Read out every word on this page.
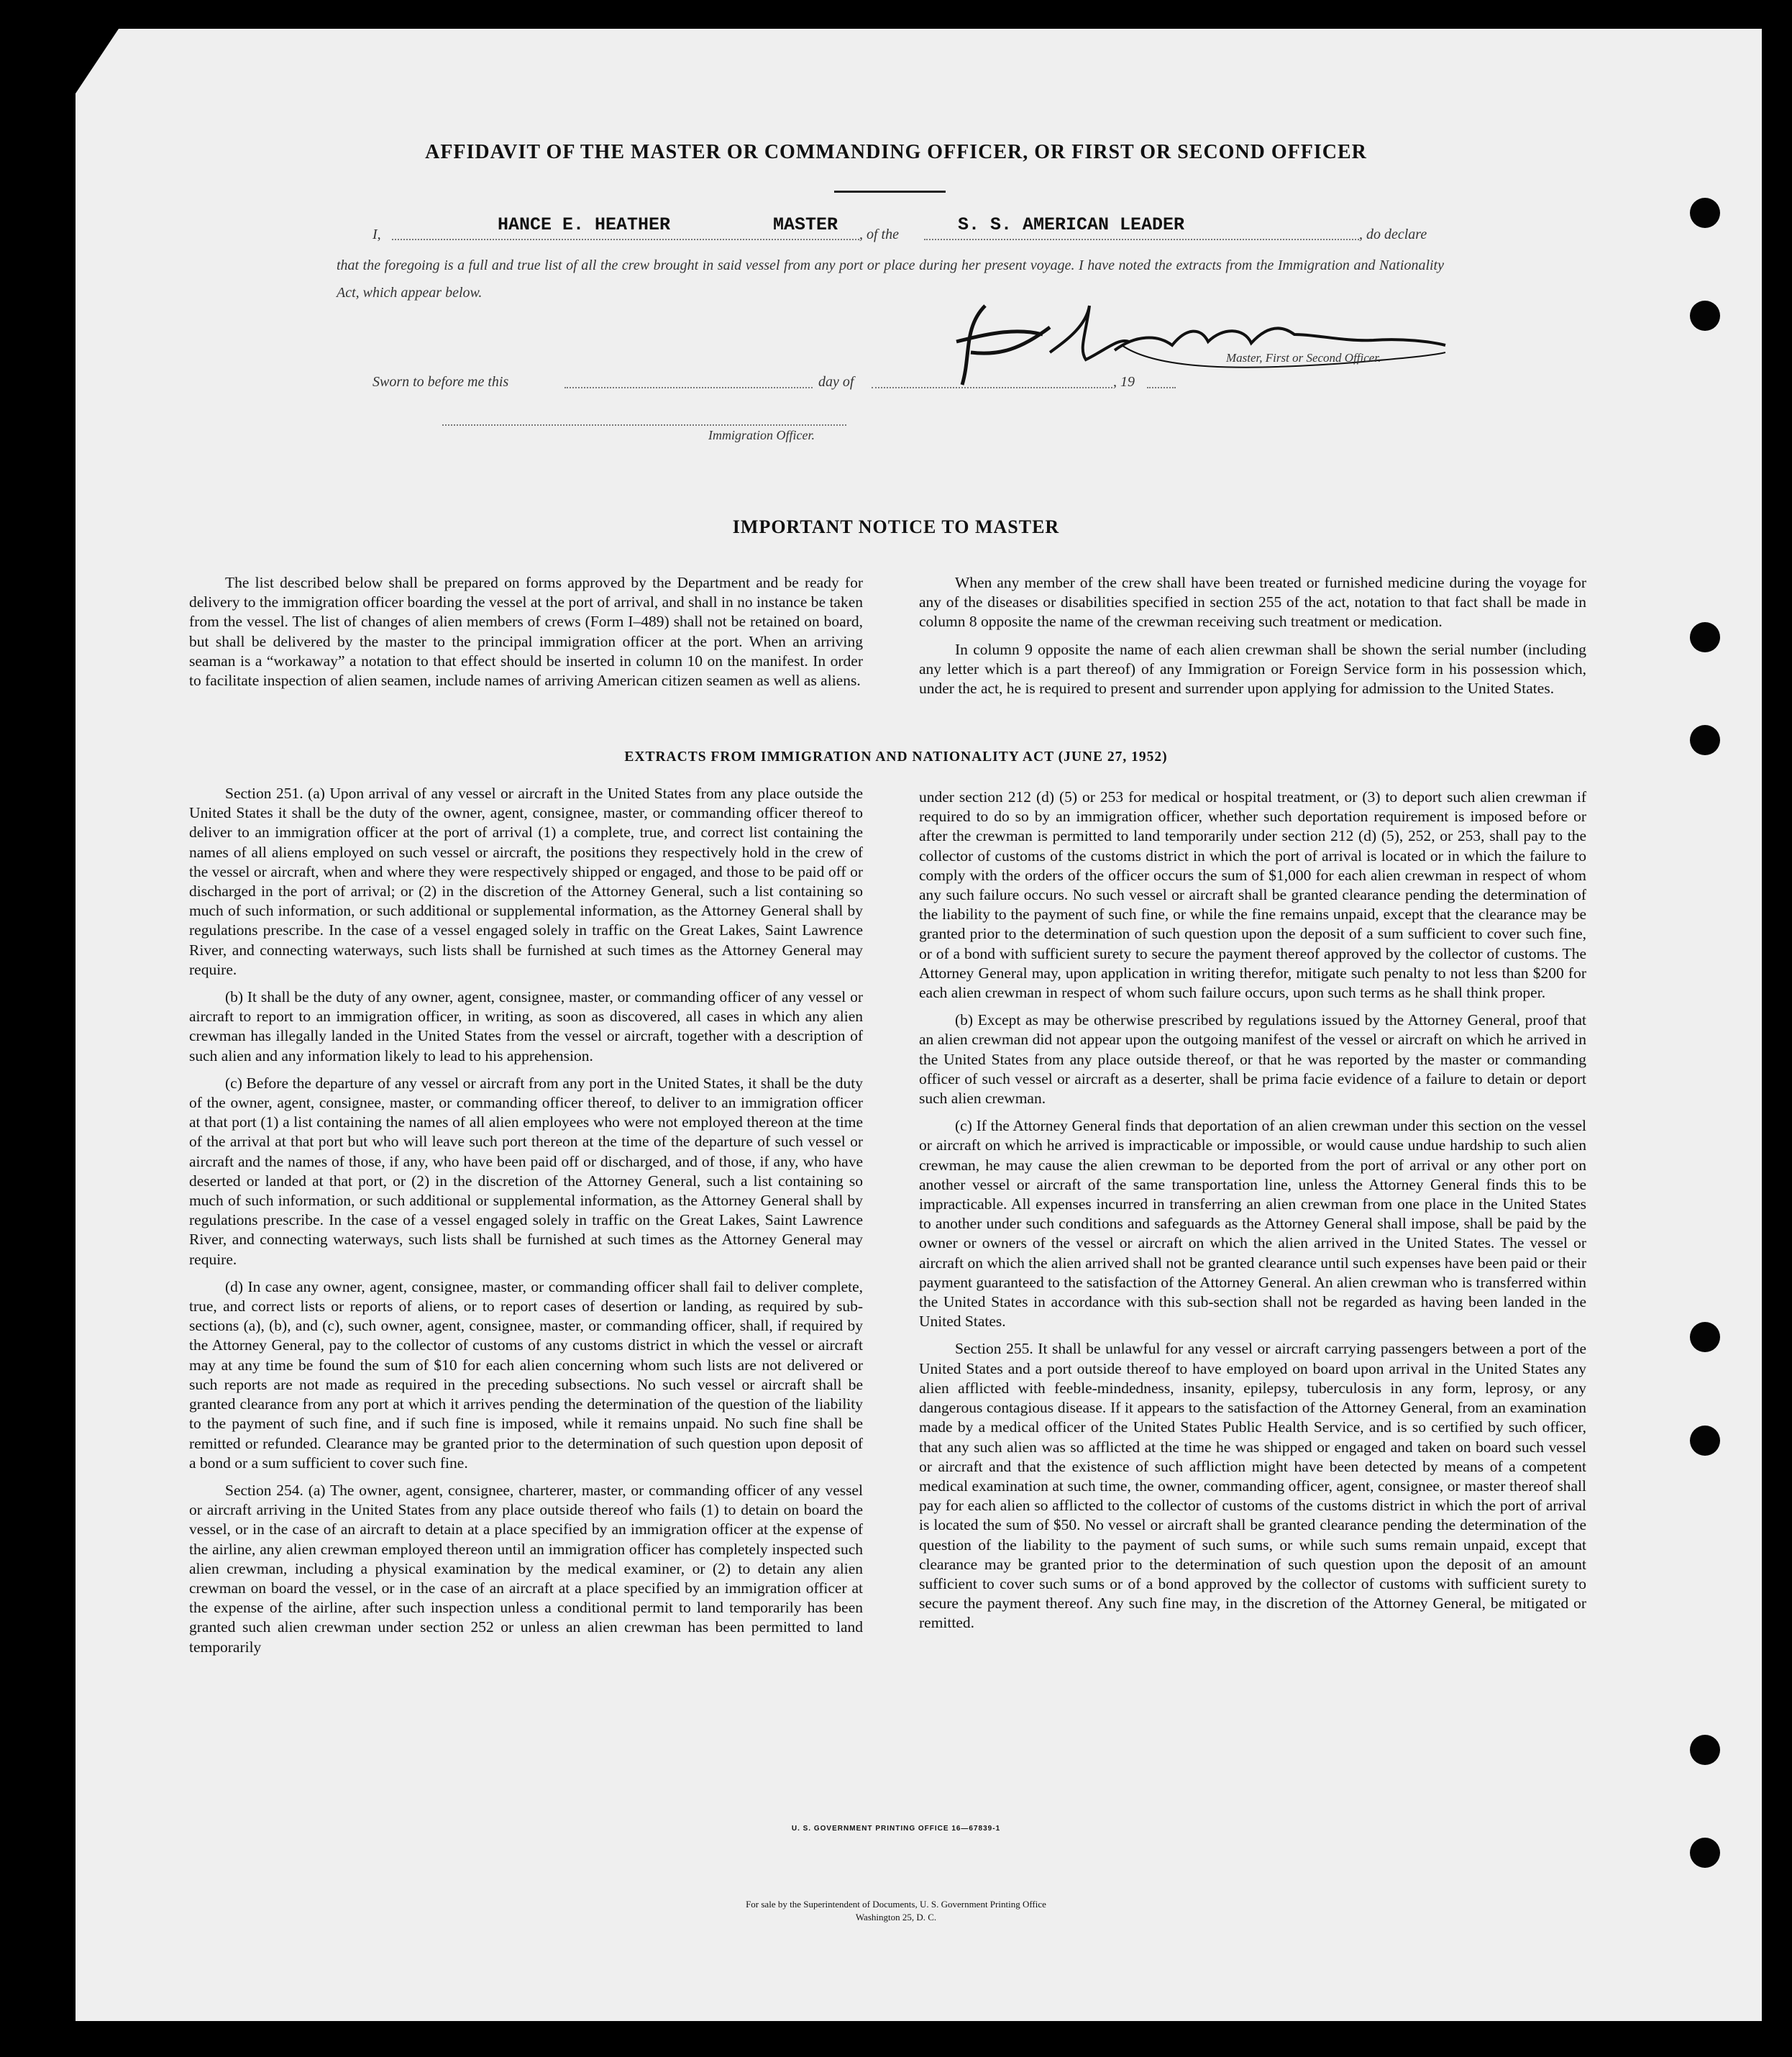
AFFIDAVIT OF THE MASTER OR COMMANDING OFFICER, OR FIRST OR SECOND OFFICER
I,	HANCE E. HEATHER	MASTER , of the	S. S. AMERICAN LEADER	, do declare
that the foregoing is a full and true list of all the crew brought in said vessel from any port or place during her present voyage. I have noted the extracts from the Immigration and Nationality Act, which appear below.
Master, First or Second Officer.
Sworn to before me this	day of	, 19
Immigration Officer.
IMPORTANT NOTICE TO MASTER

The list described below shall be prepared on forms approved by the Department and be ready for delivery to the immigration officer boarding the vessel at the port of arrival, and shall in no instance be taken from the vessel. The list of changes of alien members of crews (Form I–489) shall not be retained on board, but shall be delivered by the master to the principal immigration officer at the port. When an arriving seaman is a “workaway” a notation to that effect should be inserted in column 10 on the manifest. In order to facilitate inspection of alien seamen, include names of arriving American citizen seamen as well as aliens.

When any member of the crew shall have been treated or furnished medicine during the voyage for any of the diseases or disabilities specified in section 255 of the act, notation to that fact shall be made in column 8 opposite the name of the crewman receiving such treatment or medication.

In column 9 opposite the name of each alien crewman shall be shown the serial number (including any letter which is a part thereof) of any Immigration or Foreign Service form in his possession which, under the act, he is required to present and surrender upon applying for admission to the United States.

EXTRACTS FROM IMMIGRATION AND NATIONALITY ACT (JUNE 27, 1952)

Section 251. (a) Upon arrival of any vessel or aircraft in the United States from any place outside the United States it shall be the duty of the owner, agent, consignee, master, or commanding officer thereof to deliver to an immigration officer at the port of arrival (1) a complete, true, and correct list containing the names of all aliens employed on such vessel or aircraft, the positions they respectively hold in the crew of the vessel or aircraft, when and where they were respectively shipped or engaged, and those to be paid off or discharged in the port of arrival; or (2) in the discretion of the Attorney General, such a list containing so much of such information, or such additional or supplemental information, as the Attorney General shall by regulations prescribe. In the case of a vessel engaged solely in traffic on the Great Lakes, Saint Lawrence River, and connecting waterways, such lists shall be furnished at such times as the Attorney General may require.

(b) It shall be the duty of any owner, agent, consignee, master, or commanding officer of any vessel or aircraft to report to an immigration officer, in writing, as soon as discovered, all cases in which any alien crewman has illegally landed in the United States from the vessel or aircraft, together with a description of such alien and any information likely to lead to his apprehension.

(c) Before the departure of any vessel or aircraft from any port in the United States, it shall be the duty of the owner, agent, consignee, master, or commanding officer thereof, to deliver to an immigration officer at that port (1) a list containing the names of all alien employees who were not employed thereon at the time of the arrival at that port but who will leave such port thereon at the time of the departure of such vessel or aircraft and the names of those, if any, who have been paid off or discharged, and of those, if any, who have deserted or landed at that port, or (2) in the discretion of the Attorney General, such a list containing so much of such information, or such additional or supplemental information, as the Attorney General shall by regulations prescribe. In the case of a vessel engaged solely in traffic on the Great Lakes, Saint Lawrence River, and connecting waterways, such lists shall be furnished at such times as the Attorney General may require.

(d) In case any owner, agent, consignee, master, or commanding officer shall fail to deliver complete, true, and correct lists or reports of aliens, or to report cases of desertion or landing, as required by sub-sections (a), (b), and (c), such owner, agent, consignee, master, or commanding officer, shall, if required by the Attorney General, pay to the collector of customs of any customs district in which the vessel or aircraft may at any time be found the sum of $10 for each alien concerning whom such lists are not delivered or such reports are not made as required in the preceding subsections. No such vessel or aircraft shall be granted clearance from any port at which it arrives pending the determination of the question of the liability to the payment of such fine, and if such fine is imposed, while it remains unpaid. No such fine shall be remitted or refunded. Clearance may be granted prior to the determination of such question upon deposit of a bond or a sum sufficient to cover such fine.

Section 254. (a) The owner, agent, consignee, charterer, master, or commanding officer of any vessel or aircraft arriving in the United States from any place outside thereof who fails (1) to detain on board the vessel, or in the case of an aircraft to detain at a place specified by an immigration officer at the expense of the airline, any alien crewman employed thereon until an immigration officer has completely inspected such alien crewman, including a physical examination by the medical examiner, or (2) to detain any alien crewman on board the vessel, or in the case of an aircraft at a place specified by an immigration officer at the expense of the airline, after such inspection unless a conditional permit to land temporarily has been granted such alien crewman under section 252 or unless an alien crewman has been permitted to land temporarily

under section 212 (d) (5) or 253 for medical or hospital treatment, or (3) to deport such alien crewman if required to do so by an immigration officer, whether such deportation requirement is imposed before or after the crewman is permitted to land temporarily under section 212 (d) (5), 252, or 253, shall pay to the collector of customs of the customs district in which the port of arrival is located or in which the failure to comply with the orders of the officer occurs the sum of $1,000 for each alien crewman in respect of whom any such failure occurs. No such vessel or aircraft shall be granted clearance pending the determination of the liability to the payment of such fine, or while the fine remains unpaid, except that the clearance may be granted prior to the determination of such question upon the deposit of a sum sufficient to cover such fine, or of a bond with sufficient surety to secure the payment thereof approved by the collector of customs. The Attorney General may, upon application in writing therefor, mitigate such penalty to not less than $200 for each alien crewman in respect of whom such failure occurs, upon such terms as he shall think proper.

(b) Except as may be otherwise prescribed by regulations issued by the Attorney General, proof that an alien crewman did not appear upon the outgoing manifest of the vessel or aircraft on which he arrived in the United States from any place outside thereof, or that he was reported by the master or commanding officer of such vessel or aircraft as a deserter, shall be prima facie evidence of a failure to detain or deport such alien crewman.

(c) If the Attorney General finds that deportation of an alien crewman under this section on the vessel or aircraft on which he arrived is impracticable or impossible, or would cause undue hardship to such alien crewman, he may cause the alien crewman to be deported from the port of arrival or any other port on another vessel or aircraft of the same transportation line, unless the Attorney General finds this to be impracticable. All expenses incurred in transferring an alien crewman from one place in the United States to another under such conditions and safeguards as the Attorney General shall impose, shall be paid by the owner or owners of the vessel or aircraft on which the alien arrived in the United States. The vessel or aircraft on which the alien arrived shall not be granted clearance until such expenses have been paid or their payment guaranteed to the satisfaction of the Attorney General. An alien crewman who is transferred within the United States in accordance with this sub-section shall not be regarded as having been landed in the United States.

Section 255. It shall be unlawful for any vessel or aircraft carrying passengers between a port of the United States and a port outside thereof to have employed on board upon arrival in the United States any alien afflicted with feeble-mindedness, insanity, epilepsy, tuberculosis in any form, leprosy, or any dangerous contagious disease. If it appears to the satisfaction of the Attorney General, from an examination made by a medical officer of the United States Public Health Service, and is so certified by such officer, that any such alien was so afflicted at the time he was shipped or engaged and taken on board such vessel or aircraft and that the existence of such affliction might have been detected by means of a competent medical examination at such time, the owner, commanding officer, agent, consignee, or master thereof shall pay for each alien so afflicted to the collector of customs of the customs district in which the port of arrival is located the sum of $50. No vessel or aircraft shall be granted clearance pending the determination of the question of the liability to the payment of such sums, or while such sums remain unpaid, except that clearance may be granted prior to the determination of such question upon the deposit of an amount sufficient to cover such sums or of a bond approved by the collector of customs with sufficient surety to secure the payment thereof. Any such fine may, in the discretion of the Attorney General, be mitigated or remitted.

U. S. GOVERNMENT PRINTING OFFICE 16—67839-1
For sale by the Superintendent of Documents, U. S. Government Printing Office
Washington 25, D. C.
